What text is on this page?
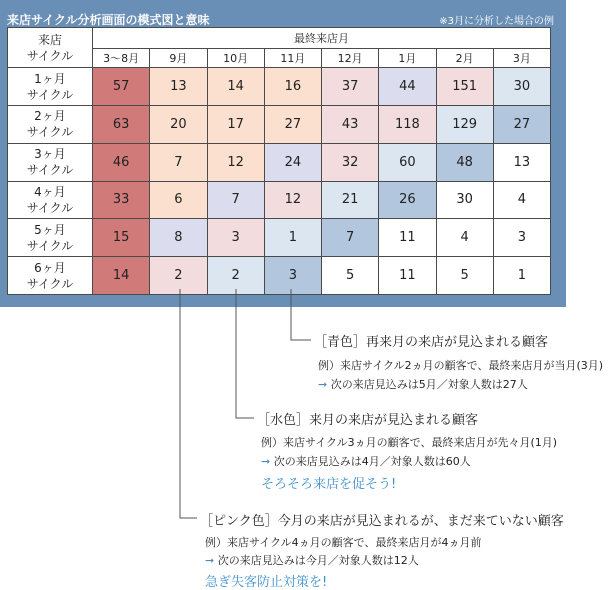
来店サイクル分析画面の模式図と意味	※3月に分析した場合の例
来店
サイクル	最終来店月							
	3〜8月	9月	10月	11月	12月	1月	2月	3月
1ヶ月
サイクル	57	13	14	16	37	44	151	30
2ヶ月
サイクル	63	20	17	27	43	118	129	27
3ヶ月
サイクル	46	7	12	24	32	60	48	13
4ヶ月
サイクル	33	6	7	12	21	26	30	4
5ヶ月
サイクル	15	8	3	1	7	11	4	3
6ヶ月
サイクル	14	2	2	3	5	11	5	1
［青色］再来月の来店が見込まれる顧客
例）来店サイクル2ヵ月の顧客で、最終来店月が当月(3月)
➞ 次の来店見込みは5月／対象人数は27人
［水色］来月の来店が見込まれる顧客
例）来店サイクル3ヵ月の顧客で、最終来店月が先々月(1月)
➞ 次の来店見込みは4月／対象人数は60人
そろそろ来店を促そう!
［ピンク色］今月の来店が見込まれるが、まだ来ていない顧客
例）来店サイクル4ヵ月の顧客で、最終来店月が4ヵ月前
➞ 次の来店見込みは今月／対象人数は12人
急ぎ失客防止対策を!
